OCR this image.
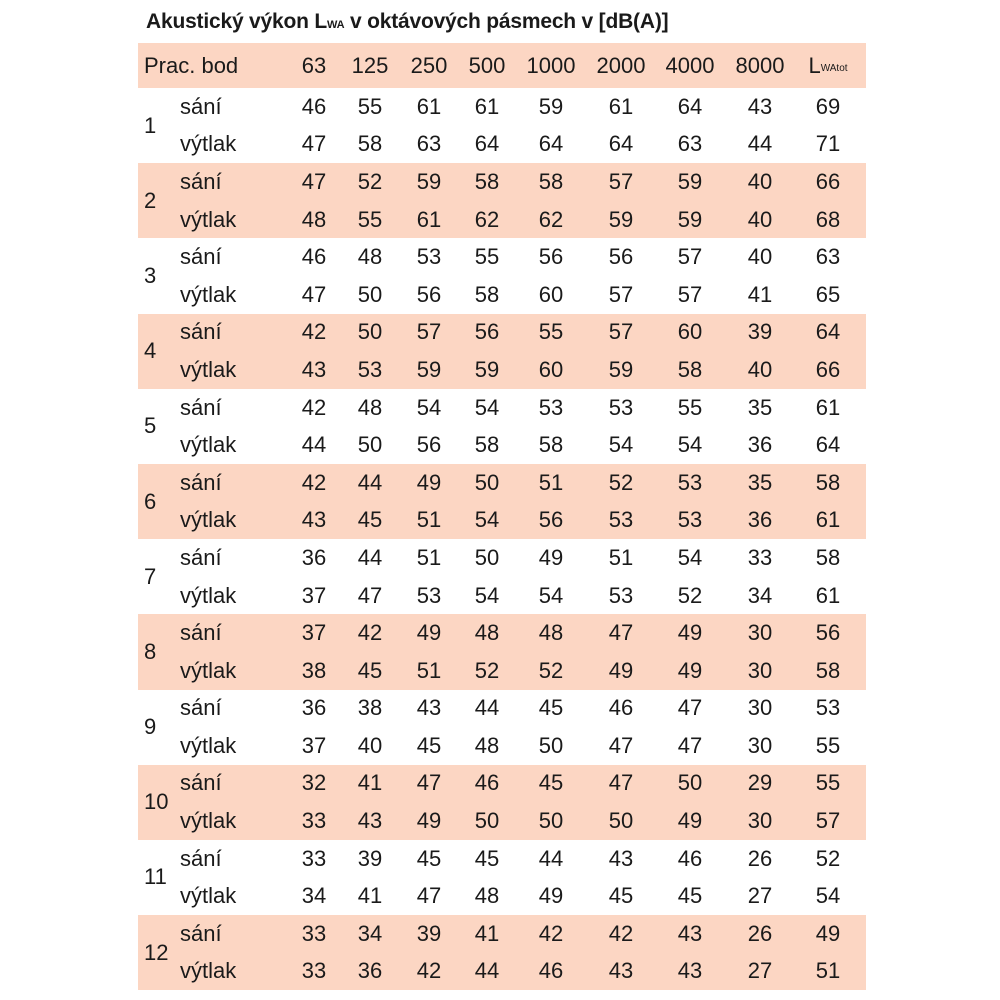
Akustický výkon LWA v oktávových pásmech v [dB(A)]
Prac. bod	63	125	250 500 1000 2000 4000 8000 L WAtot
1
sání	46	55	61	61	59	61	64	43	69
výtlak	47	58	63	64	64	64	63	44	71
2
sání	47	52	59	58	58	57	59	40	66
výtlak	48	55	61	62	62	59	59	40	68
3
sání	46	48	53	55	56	56	57	40	63
výtlak	47	50	56	58	60	57	57	41	65
4
sání	42	50	57	56	55	57	60	39	64
výtlak	43	53	59	59	60	59	58	40	66
5
sání	42	48	54	54	53	53	55	35	61
výtlak	44	50	56	58	58	54	54	36	64
6
sání	42	44	49	50	51	52	53	35	58
výtlak	43	45	51	54	56	53	53	36	61
7
sání	36	44	51	50	49	51	54	33	58
výtlak	37	47	53	54	54	53	52	34	61
8
sání	37	42	49	48	48	47	49	30	56
výtlak	38	45	51	52	52	49	49	30	58
9
sání	36	38	43	44	45	46	47	30	53
výtlak	37	40	45	48	50	47	47	30	55
10
sání	32	41	47	46	45	47	50	29	55
výtlak	33	43	49	50	50	50	49	30	57
11
sání	33	39	45	45	44	43	46	26	52
výtlak	34	41	47	48	49	45	45	27	54
12
sání	33	34	39	41	42	42	43	26	49
výtlak	33	36	42	44	46	43	43	27	51
